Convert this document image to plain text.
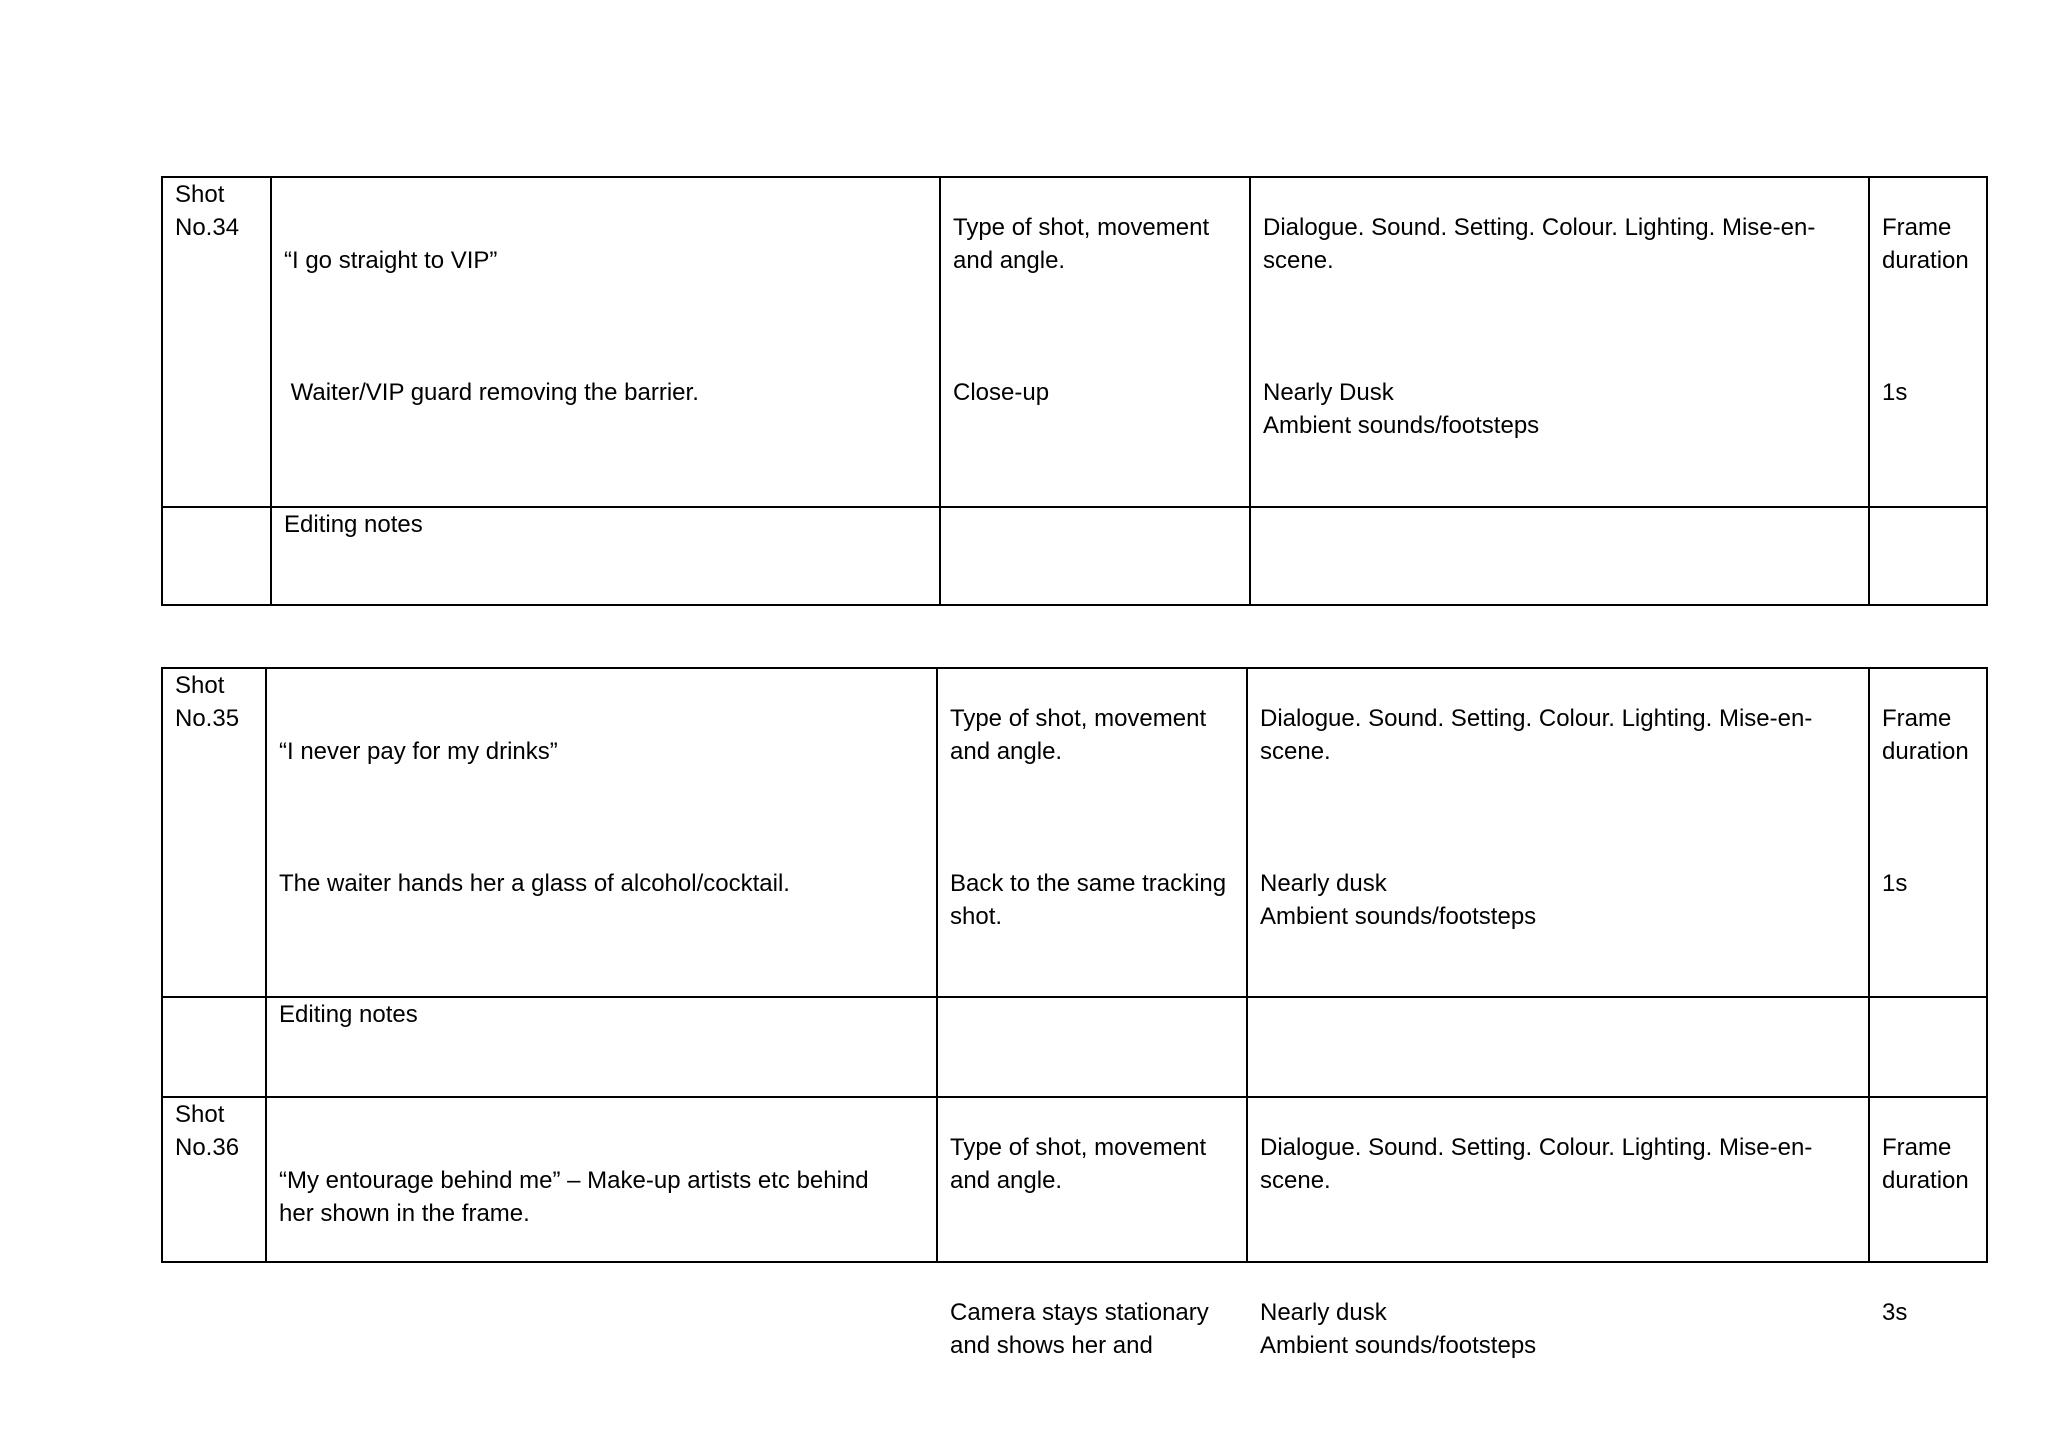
Shot
No.34

“I go straight to VIP”

Waiter/VIP guard removing the barrier.

Type of shot, movement
and angle.

Close-up

Dialogue. Sound. Setting. Colour. Lighting. Mise-en-
scene.

Nearly Dusk
Ambient sounds/footsteps

Frame
duration

1s

Editing notes
Shot
No.35

“I never pay for my drinks”

The waiter hands her a glass of alcohol/cocktail.

Type of shot, movement
and angle.

Back to the same tracking
shot.

Dialogue. Sound. Setting. Colour. Lighting. Mise-en-
scene.

Nearly dusk
Ambient sounds/footsteps

Frame
duration

1s

Editing notes
Shot
No.36

“My entourage behind me” – Make-up artists etc behind
her shown in the frame.

Type of shot, movement
and angle.

Camera stays stationary
and shows her and

Dialogue. Sound. Setting. Colour. Lighting. Mise-en-
scene.

Nearly dusk
Ambient sounds/footsteps

Frame
duration

3s
